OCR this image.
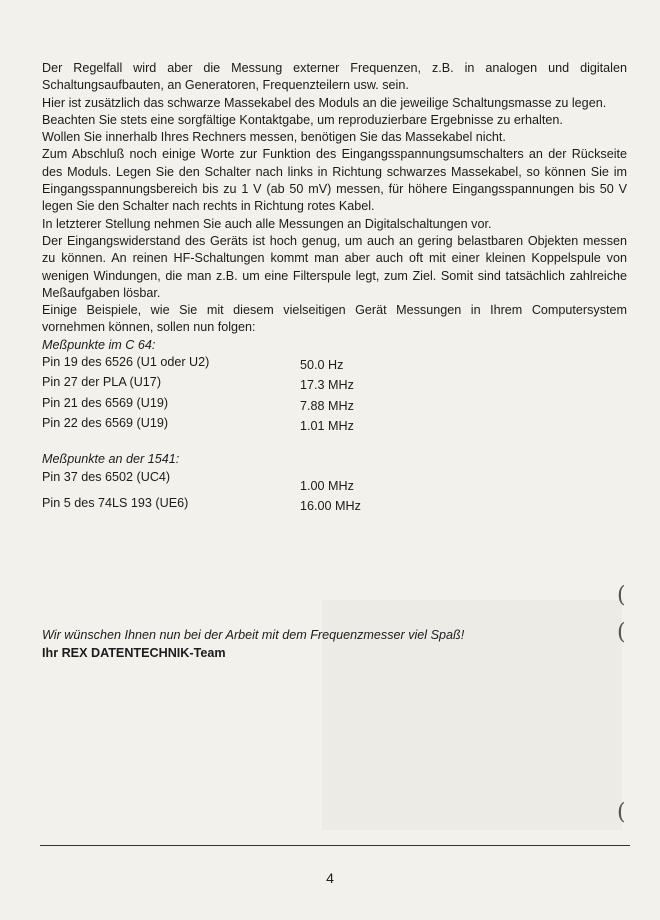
Der Regelfall wird aber die Messung externer Frequenzen, z.B. in analogen und digitalen Schaltungsaufbauten, an Generatoren, Frequenzteilern usw. sein.

Hier ist zusätzlich das schwarze Massekabel des Moduls an die jeweilige Schaltungsmasse zu legen.

Beachten Sie stets eine sorgfältige Kontaktgabe, um reproduzierbare Ergebnisse zu erhalten.

Wollen Sie innerhalb Ihres Rechners messen, benötigen Sie das Massekabel nicht.

Zum Abschluß noch einige Worte zur Funktion des Eingangsspannungsumschalters an der Rückseite des Moduls. Legen Sie den Schalter nach links in Richtung schwarzes Massekabel, so können Sie im Eingangsspannungsbereich bis zu 1 V (ab 50 mV) messen, für höhere Eingangsspannungen bis 50 V legen Sie den Schalter nach rechts in Richtung rotes Kabel.

In letzterer Stellung nehmen Sie auch alle Messungen an Digitalschaltungen vor.

Der Eingangswiderstand des Geräts ist hoch genug, um auch an gering belastbaren Objekten messen zu können. An reinen HF-Schaltungen kommt man aber auch oft mit einer kleinen Koppelspule von wenigen Windungen, die man z.B. um eine Filterspule legt, zum Ziel. Somit sind tatsächlich zahlreiche Meßaufgaben lösbar.

Einige Beispiele, wie Sie mit diesem vielseitigen Gerät Messungen in Ihrem Computersystem vornehmen können, sollen nun folgen:

Meßpunkte im C 64:
Pin 19 des 6526 (U1 oder U2)	50.0 Hz
Pin 27 der PLA (U17)	17.3 MHz
Pin 21 des 6569 (U19)	7.88 MHz
Pin 22 des 6569 (U19)	1.01 MHz
Meßpunkte an der 1541:
Pin 37 des 6502 (UC4)	1.00 MHz
Pin 5 des 74LS 193 (UE6)	16.00 MHz
Wir wünschen Ihnen nun bei der Arbeit mit dem Frequenzmesser viel Spaß!
Ihr REX DATENTECHNIK-Team
(
(
(
4
